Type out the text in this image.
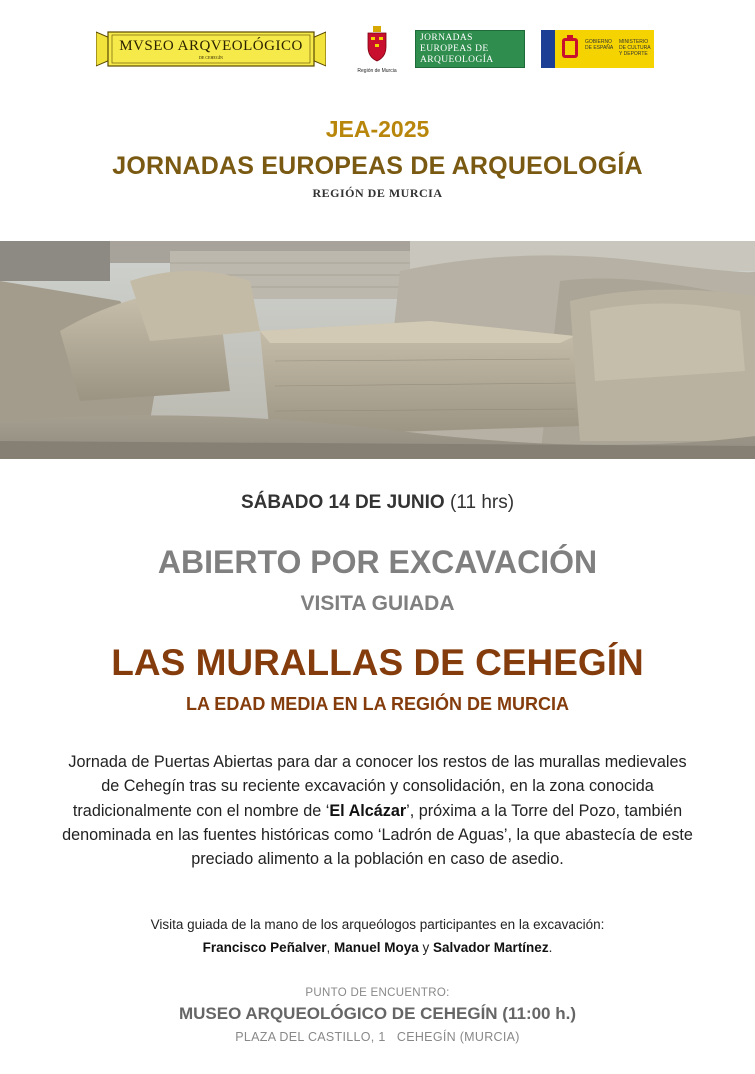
MVSEO ARQVEOLÓGICO
DE CEHEGÍN
Región de Murcia
JORNADAS
EUROPEAS DE
ARQUEOLOGÍA
GOBIERNO DE ESPAÑA
MINISTERIO DE CULTURA Y DEPORTE
JEA-2025
JORNADAS EUROPEAS DE ARQUEOLOGÍA
REGIÓN DE MURCIA
SÁBADO 14 DE JUNIO (11 hrs)
ABIERTO POR EXCAVACIÓN
VISITA GUIADA
LAS MURALLAS DE CEHEGÍN
LA EDAD MEDIA EN LA REGIÓN DE MURCIA
Jornada de Puertas Abiertas para dar a conocer los restos de las murallas medievales de Cehegín tras su reciente excavación y consolidación, en la zona conocida tradicionalmente con el nombre de ‘El Alcázar’, próxima a la Torre del Pozo, también denominada en las fuentes históricas como ‘Ladrón de Aguas’, la que abastecía de este preciado alimento a la población en caso de asedio.
Visita guiada de la mano de los arqueólogos participantes en la excavación:
Francisco Peñalver, Manuel Moya y Salvador Martínez.
PUNTO DE ENCUENTRO:
MUSEO ARQUEOLÓGICO DE CEHEGÍN (11:00 h.)
PLAZA DEL CASTILLO, 1   CEHEGÍN (MURCIA)
